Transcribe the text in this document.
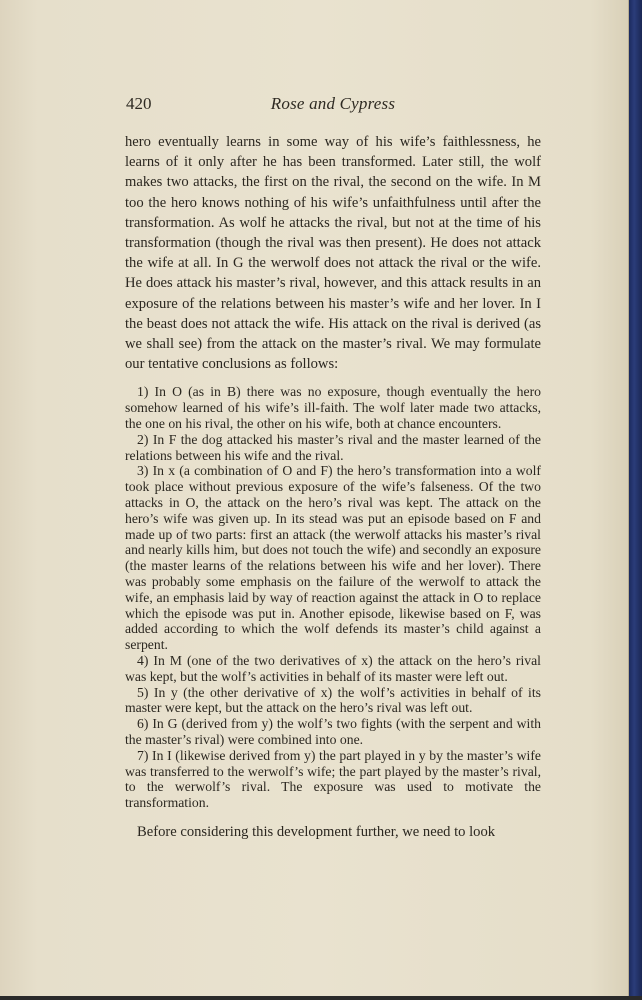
420	Rose and Cypress

hero eventually learns in some way of his wife’s faithlessness, he learns of it only after he has been transformed. Later still, the wolf makes two attacks, the first on the rival, the second on the wife. In M too the hero knows nothing of his wife’s unfaithfulness until after the transformation. As wolf he attacks the rival, but not at the time of his transformation (though the rival was then present). He does not attack the wife at all. In G the werwolf does not attack the rival or the wife. He does attack his master’s rival, however, and this attack results in an exposure of the relations between his master’s wife and her lover. In I the beast does not attack the wife. His attack on the rival is derived (as we shall see) from the attack on the master’s rival. We may formulate our tentative conclusions as follows:

1) In O (as in B) there was no exposure, though eventually the hero somehow learned of his wife’s ill-faith. The wolf later made two attacks, the one on his rival, the other on his wife, both at chance encounters.

2) In F the dog attacked his master’s rival and the master learned of the relations between his wife and the rival.

3) In x (a combination of O and F) the hero’s transformation into a wolf took place without previous exposure of the wife’s falseness. Of the two attacks in O, the attack on the hero’s rival was kept. The attack on the hero’s wife was given up. In its stead was put an episode based on F and made up of two parts: first an attack (the werwolf attacks his master’s rival and nearly kills him, but does not touch the wife) and secondly an exposure (the master learns of the relations between his wife and her lover). There was probably some emphasis on the failure of the werwolf to attack the wife, an emphasis laid by way of reaction against the attack in O to replace which the episode was put in. Another episode, likewise based on F, was added according to which the wolf defends its master’s child against a serpent.

4) In M (one of the two derivatives of x) the attack on the hero’s rival was kept, but the wolf’s activities in behalf of its master were left out.

5) In y (the other derivative of x) the wolf’s activities in behalf of its master were kept, but the attack on the hero’s rival was left out.

6) In G (derived from y) the wolf’s two fights (with the serpent and with the master’s rival) were combined into one.

7) In I (likewise derived from y) the part played in y by the master’s wife was transferred to the werwolf’s wife; the part played by the master’s rival, to the werwolf’s rival. The exposure was used to motivate the transformation.

Before considering this development further, we need to look
